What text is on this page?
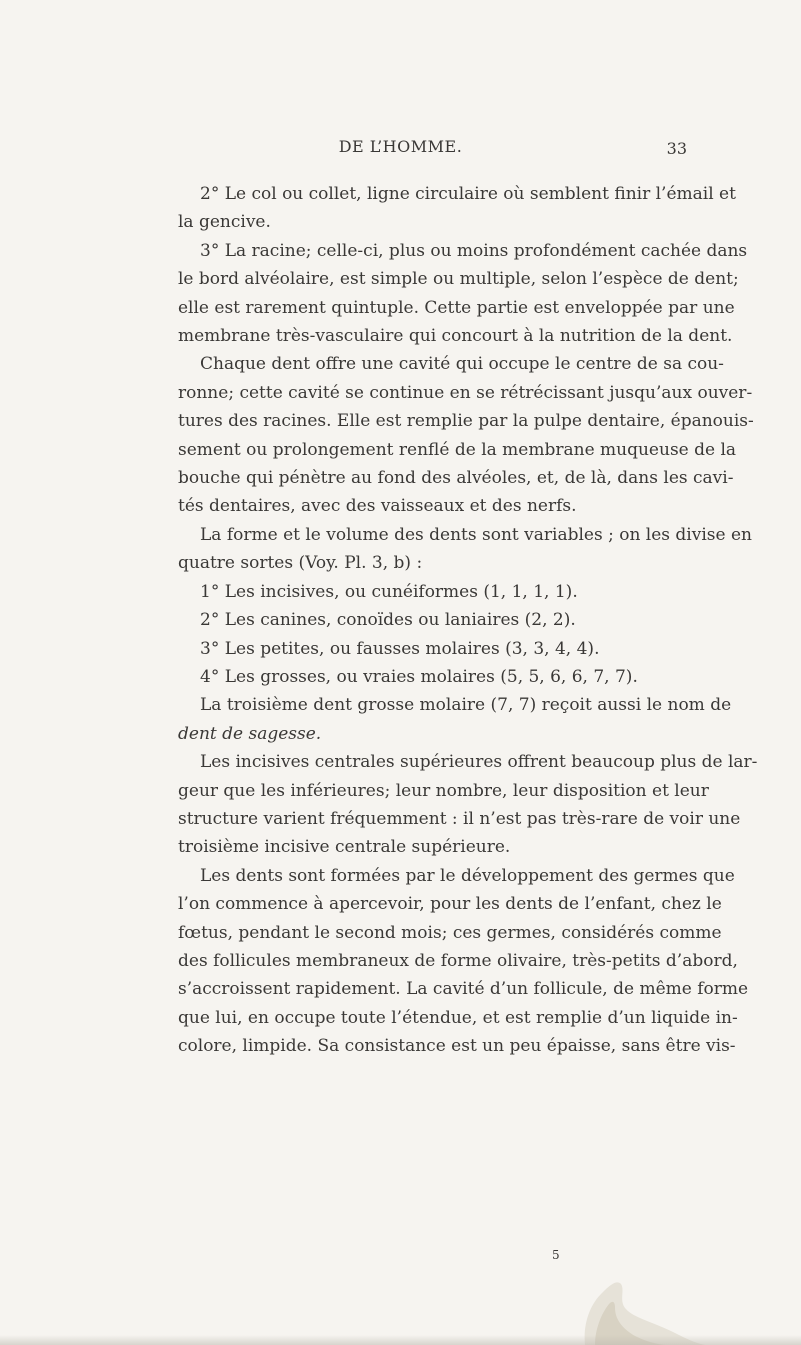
DE L’HOMME.	33
2° Le col ou collet, ligne circulaire où semblent finir l’émail et
la gencive.
3° La racine; celle-ci, plus ou moins profondément cachée dans
le bord alvéolaire, est simple ou multiple, selon l’espèce de dent;
elle est rarement quintuple. Cette partie est enveloppée par une
membrane très-vasculaire qui concourt à la nutrition de la dent.
Chaque dent offre une cavité qui occupe le centre de sa cou-
ronne; cette cavité se continue en se rétrécissant jusqu’aux ouver-
tures des racines. Elle est remplie par la pulpe dentaire, épanouis-
sement ou prolongement renflé de la membrane muqueuse de la
bouche qui pénètre au fond des alvéoles, et, de là, dans les cavi-
tés dentaires, avec des vaisseaux et des nerfs.
La forme et le volume des dents sont variables ; on les divise en
quatre sortes (Voy. Pl. 3, b) :
1° Les incisives, ou cunéiformes (1, 1, 1, 1).
2° Les canines, conoïdes ou laniaires (2, 2).
3° Les petites, ou fausses molaires (3, 3, 4, 4).
4° Les grosses, ou vraies molaires (5, 5, 6, 6, 7, 7).
La troisième dent grosse molaire (7, 7) reçoit aussi le nom de
dent de sagesse.
Les incisives centrales supérieures offrent beaucoup plus de lar-
geur que les inférieures; leur nombre, leur disposition et leur
structure varient fréquemment : il n’est pas très-rare de voir une
troisième incisive centrale supérieure.
Les dents sont formées par le développement des germes que
l’on commence à apercevoir, pour les dents de l’enfant, chez le
fœtus, pendant le second mois; ces germes, considérés comme
des follicules membraneux de forme olivaire, très-petits d’abord,
s’accroissent rapidement. La cavité d’un follicule, de même forme
que lui, en occupe toute l’étendue, et est remplie d’un liquide in-
colore, limpide. Sa consistance est un peu épaisse, sans être vis-
5
